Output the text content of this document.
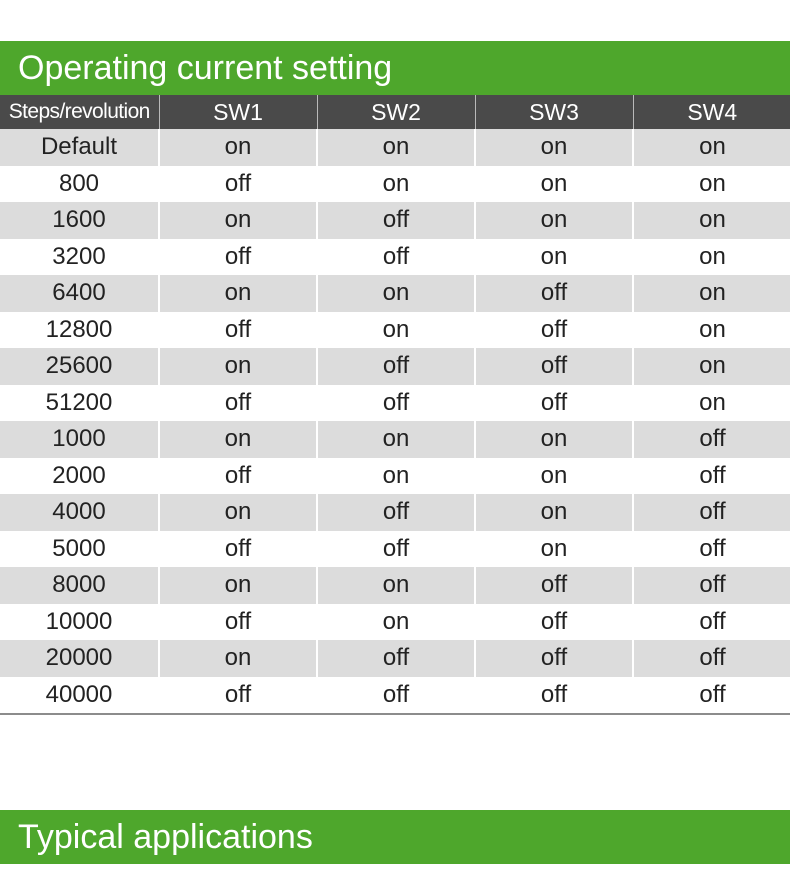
Operating current setting
Steps/revolution	SW1	SW2	SW3	SW4
Default	on	on	on	on
800	off	on	on	on
1600	on	off	on	on
3200	off	off	on	on
6400	on	on	off	on
12800	off	on	off	on
25600	on	off	off	on
51200	off	off	off	on
1000	on	on	on	off
2000	off	on	on	off
4000	on	off	on	off
5000	off	off	on	off
8000	on	on	off	off
10000	off	on	off	off
20000	on	off	off	off
40000	off	off	off	off
Typical applications
